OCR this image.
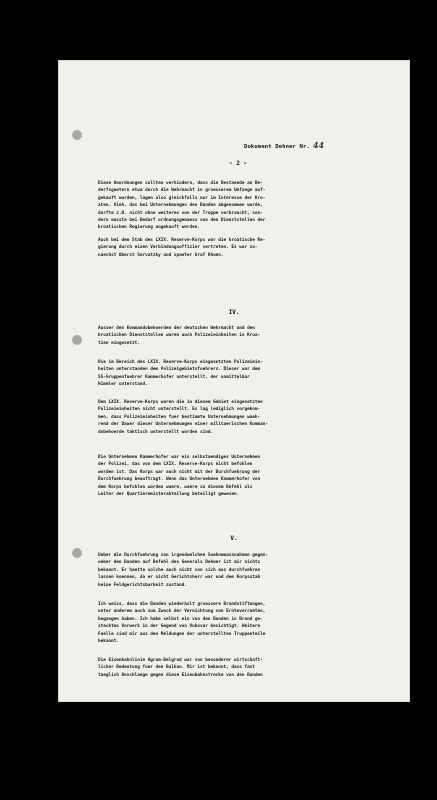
Dokument Dehner Nr. 44
- 2 -

Diese Anordnungen sollten verhindern, dass die Bestaende an Be-
derfsguetern etwa durch die Wehrmacht in groesserem Umfange auf-
gekauft wurden, lagen also gleichfalls nur im Interesse der Kro-
aten. Vieh, das bei Unternehmungen den Banden abgenommen wurde,
durfte z.B. nicht ohne weiteres von der Truppe verbraucht, son-
dern musste bei Bedarf ordnungsgemaess von den Dienststellen der
kroatischen Regierung angekauft werden.

Auch bei dem Stab des LXIX. Reserve-Korps war die kroatische Re-
gierung durch einen Verbindungsoffizier vertreten. Es war zu-
naechst Oberst Servatzky und spaeter Graf Khuen.

IV.

Ausser den Kommandobehoerden der deutschen Wehrmacht und den
kroatischen Dienststellen waren auch Polizeieinheiten in Kroa-
tien eingesetzt.

Die im Bereich des LXIX. Reserve-Korps eingesetzten Polizeiein-
heiten unterstanden dem Polizeigebietsfuehrers. Dieser war dem
SS-Gruppenfuehrer Kammerhofer unterstellt, der unmittelbar
Himmler unterstand.

Dem LXIX. Reserve-Korps waren die in diesem Gebiet eingesetzten
Polizeieinheiten nicht unterstellt. Es lag lediglich vorgekom-
men, dass Polizeieinheiten fuer bestimmte Unternehmungen waeh-
rend der Dauer dieser Unternehmungen einer militaerischen Komman-
dobehoerde taktisch unterstellt worden sind.

Die Unternehmen Kammerhofer war ein selbstaendiges Unternehmen
der Polizei, das von dem LXIX. Reserve-Korps nicht befohlen
worden ist. Das Korps war auch nicht mit der Durchfuehrung der
Durchfuehrung beauftragt. Wenn das Unternehmen Kammerhofer von
dem Korps befohlen worden waere, waere zu diesem Befehl als
Leiter der Quartiermeisterabteilung beteiligt gewesen.

V.

Ueber die Durchfuehrung von irgendwelchen Suehnemassnahmen gegen-
ueber den Banden auf Befehl des Generals Dehner ist mir nichts
bekannt. Er haette solche auch nicht von sich aus durchfuehren
lassen koennen, da er nicht Gerichtsherr war und dem Korpsstab
keine Feldgerichtsbarkeit zustand.

Ich weiss, dass die Banden wiederholt groessere Brandstiftungen,
unter anderem auch zum Zweck der Vernichtung von Ernteverraeten,
begangen haben. Ich habe selbst ein von den Banden in Brand ge-
stecktes Vorwerk in der Gegend von Vukovar besichtigt. Weitere
Faelle sind mir aus den Meldungen der unterstellten Truppenteile
bekannt.

Die Eisenbahnlinie Agram-Belgrad war von besonderer wirtschaft-
licher Bedeutung fuer den Balkan. Mir ist bekannt, dass fast
taeglich Anschlaege gegen diese Eisenbahnstrecke von den Banden
